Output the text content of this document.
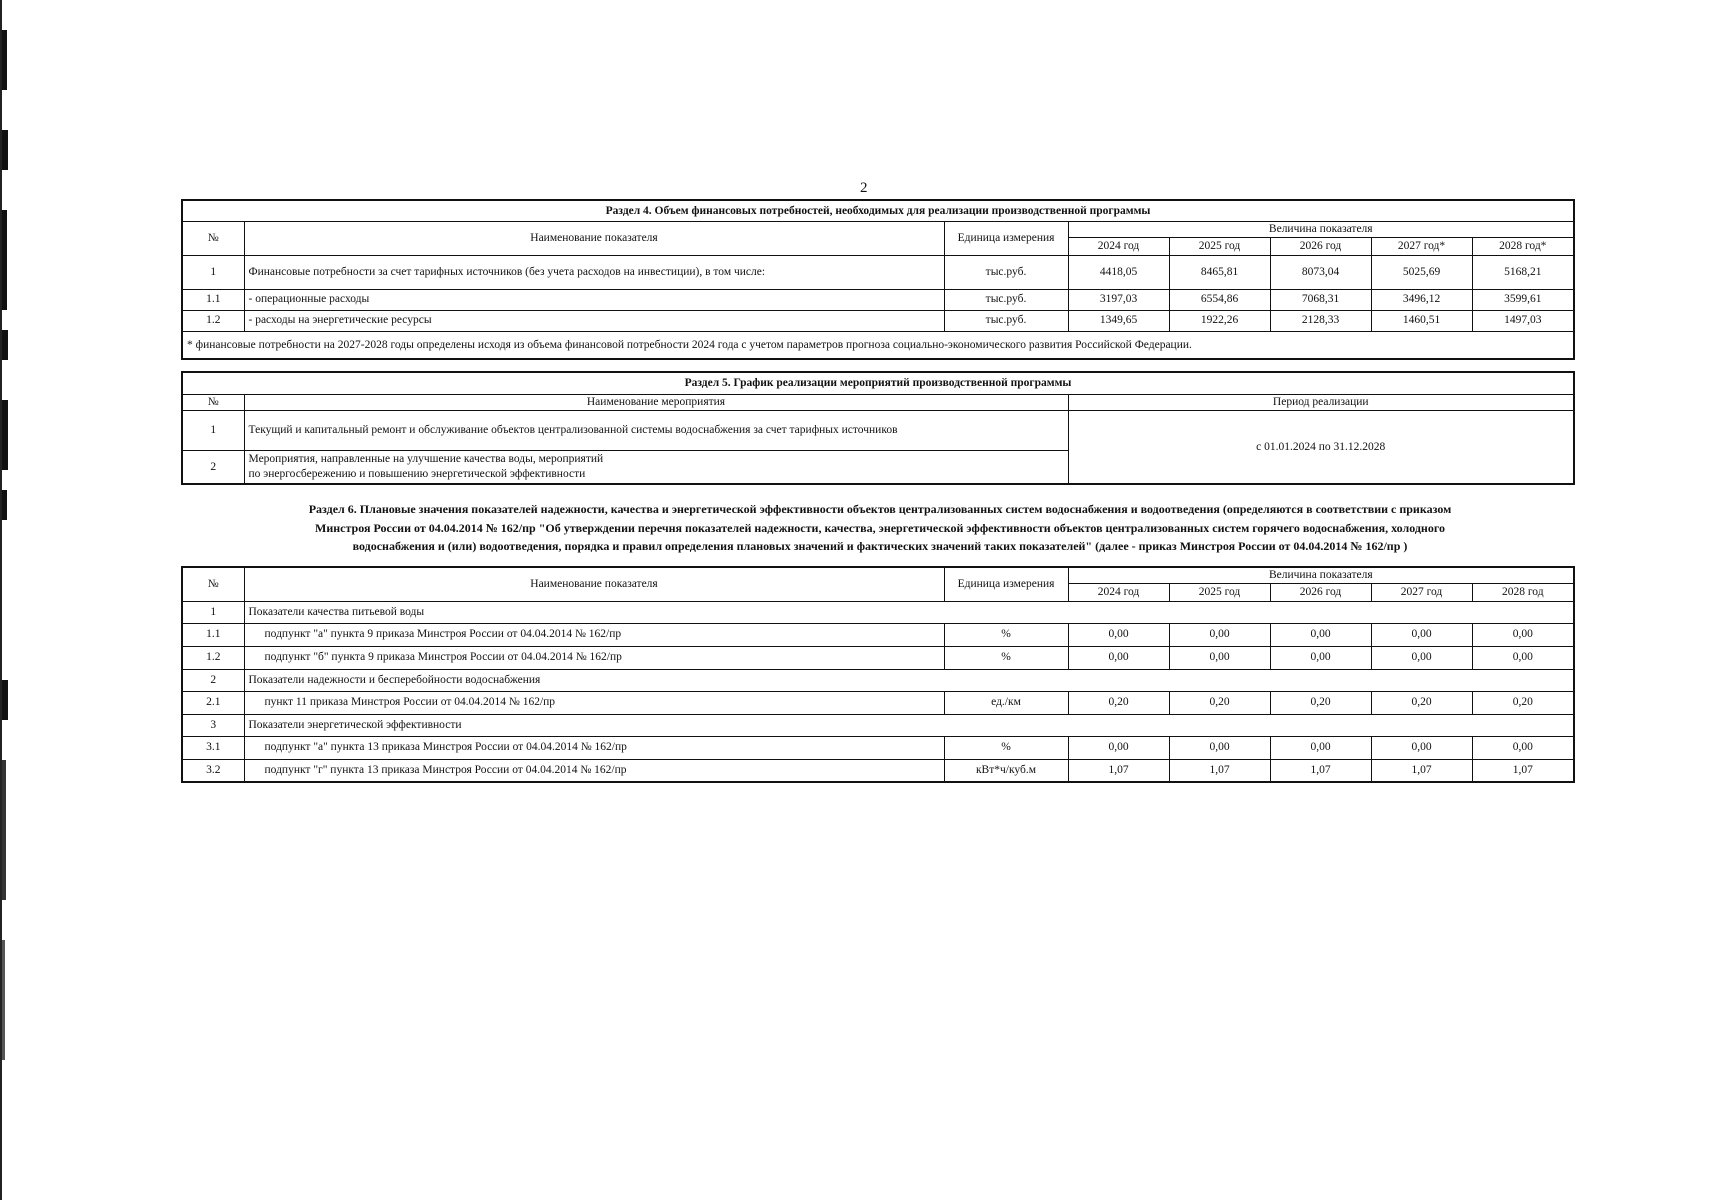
2
Раздел 4. Объем финансовых потребностей, необходимых для реализации производственной программы							
№	Наименование показателя	Единица измерения	Величина показателя				
			2024 год	2025 год	2026 год	2027 год*	2028 год*
1	Финансовые потребности за счет тарифных источников (без учета расходов на инвестиции), в том числе:	тыс.руб.	4418,05	8465,81	8073,04	5025,69	5168,21
1.1	- операционные расходы	тыс.руб.	3197,03	6554,86	7068,31	3496,12	3599,61
1.2	- расходы на энергетические ресурсы	тыс.руб.	1349,65	1922,26	2128,33	1460,51	1497,03
* финансовые потребности на 2027-2028 годы определены исходя из объема финансовой потребности 2024 года с учетом параметров прогноза социально-экономического развития Российской Федерации.							
Раздел 5. График реализации мероприятий производственной программы		
№	Наименование мероприятия	Период реализации
1	Текущий и капитальный ремонт и обслуживание объектов централизованной системы водоснабжения за счет тарифных источников	с 01.01.2024 по 31.12.2028
2	Мероприятия, направленные на улучшение качества воды, мероприятий
по энергосбережению и повышению энергетической эффективности	
Раздел 6. Плановые значения показателей надежности, качества и энергетической эффективности объектов централизованных систем водоснабжения и водоотведения (определяются в соответствии с приказом
Минстроя России от 04.04.2014 № 162/пр "Об утверждении перечня показателей надежности, качества, энергетической эффективности объектов централизованных систем горячего водоснабжения, холодного
водоснабжения и (или) водоотведения, порядка и правил определения плановых значений и фактических значений таких показателей" (далее - приказ Минстроя России от 04.04.2014 № 162/пр )
№	Наименование показателя	Единица измерения	Величина показателя				
			2024 год	2025 год	2026 год	2027 год	2028 год
1	Показатели качества питьевой воды						
1.1	подпункт "а" пункта 9 приказа Минстроя России от 04.04.2014 № 162/пр	%	0,00	0,00	0,00	0,00	0,00
1.2	подпункт "б" пункта 9 приказа Минстроя России от 04.04.2014 № 162/пр	%	0,00	0,00	0,00	0,00	0,00
2	Показатели надежности и бесперебойности водоснабжения						
2.1	пункт 11 приказа Минстроя России от 04.04.2014 № 162/пр	ед./км	0,20	0,20	0,20	0,20	0,20
3	Показатели энергетической эффективности						
3.1	подпункт "а" пункта 13 приказа Минстроя России от 04.04.2014 № 162/пр	%	0,00	0,00	0,00	0,00	0,00
3.2	подпункт "г" пункта 13 приказа Минстроя России от 04.04.2014 № 162/пр	кВт*ч/куб.м	1,07	1,07	1,07	1,07	1,07
